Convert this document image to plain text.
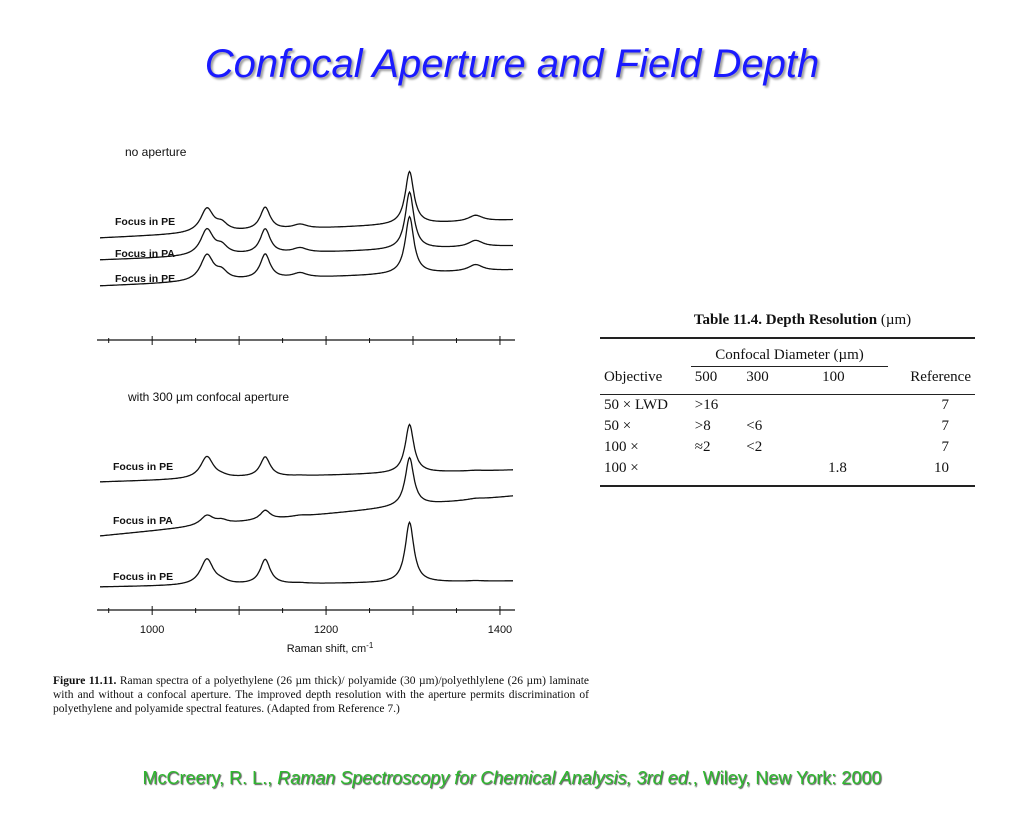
Confocal Aperture and Field Depth
no aperture
Focus in PE
Focus in PA
Focus in PE
with 300 µm confocal aperture
Focus in PE
Focus in PA
Focus in PE
1000	1200	1400
Raman shift, $cm^{-1}$
Figure 11.11. Raman spectra of a polyethylene (26 µm thick)/ polyamide (30 µm)/polyethlylene (26 µm) laminate with and without a confocal aperture. The improved depth resolution with the aperture permits discrimination of polyethylene and polyamide spectral features. (Adapted from Reference 7.)
Table 11.4. Depth Resolution (µm)

	Confocal Diameter (µm)			
Objective	500	300	100	Reference

50 × LWD	>16			7
50 ×	>8	<6		7
100 ×	≈2	<2		7
100 ×			1.8	10

McCreery, R. L., Raman Spectroscopy for Chemical Analysis, 3rd ed., Wiley, New York: 2000
